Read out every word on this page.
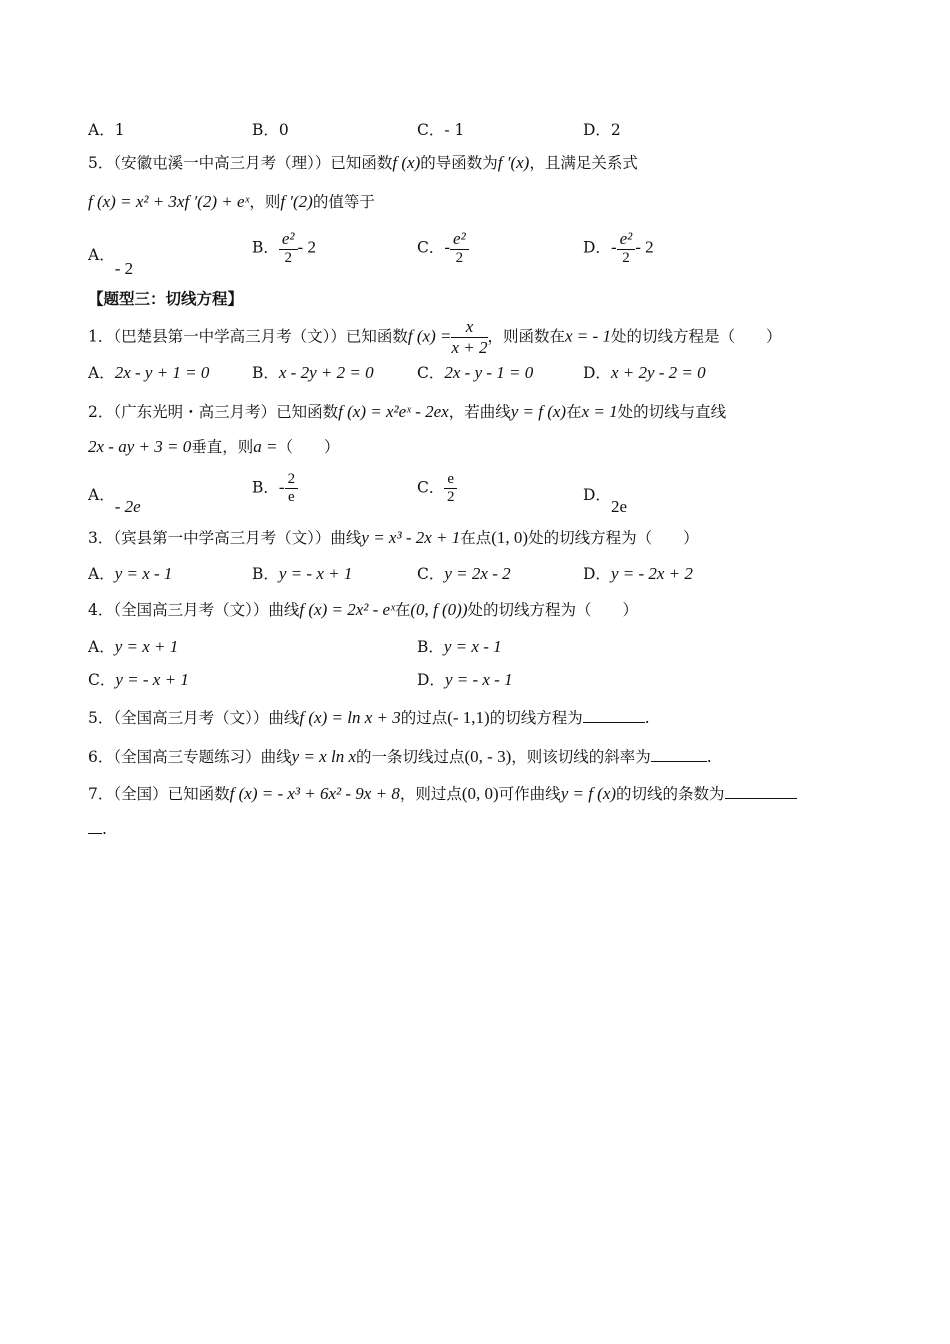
A．1	B．0	C．- 1	D．2
5．（安徽屯溪一中高三月考（理））已知函数f (x)的导函数为f ′(x)，且满足关系式
f (x) = x² + 3xf ′(2) + eˣ，则f ′(2)的值等于
A．- 2
B． $\frac{\text{e²}}{2} - 2$	C．- $\frac{\text{e²}}{2}$	D．- $\frac{\text{e²}}{2} - 2$
【题型三：切线方程】
1．（巴楚县第一中学高三月考（文））已知函数f $(x) = \frac{x}{x + 2}$ ，则函数在x = - 1处的切线方程是（　　）
A．2x - y + 1 = 0	B．x - 2y + 2 = 0	C．2x - y - 1 = 0	D．x + 2y - 2 = 0
2．（广东光明・高三月考）已知函数f (x) = x²eˣ - 2ex，若曲线y = f (x)在x = 1处的切线与直线
2x - ay + 3 = 0垂直，则a =（　　）
A．- 2e
B．- $\frac{2}{e}$	C． $\frac{e}{2}$	D．2e
3．（宾县第一中学高三月考（文））曲线y = x³ - 2x + 1在点(1, 0)处的切线方程为（　　）
A．y = x - 1	B．y = - x + 1	C．y = 2x - 2	D．y = - 2x + 2
4．（全国高三月考（文））曲线f (x) = 2x² - eˣ在(0, f (0))处的切线方程为（　　）
A．y = x + 1	B．y = x - 1
C．y = - x + 1	D．y = - x - 1
5．（全国高三月考（文））曲线f (x) = ln x + 3的过点(- 1,1)的切线方程为	.
6．（全国高三专题练习）曲线y = x ln x的一条切线过点(0, - 3)，则该切线的斜率为	.
7．（全国）已知函数f (x) = - x³ + 6x² - 9x + 8，则过点(0, 0)可作曲线y = f (x)的切线的条数为
.
